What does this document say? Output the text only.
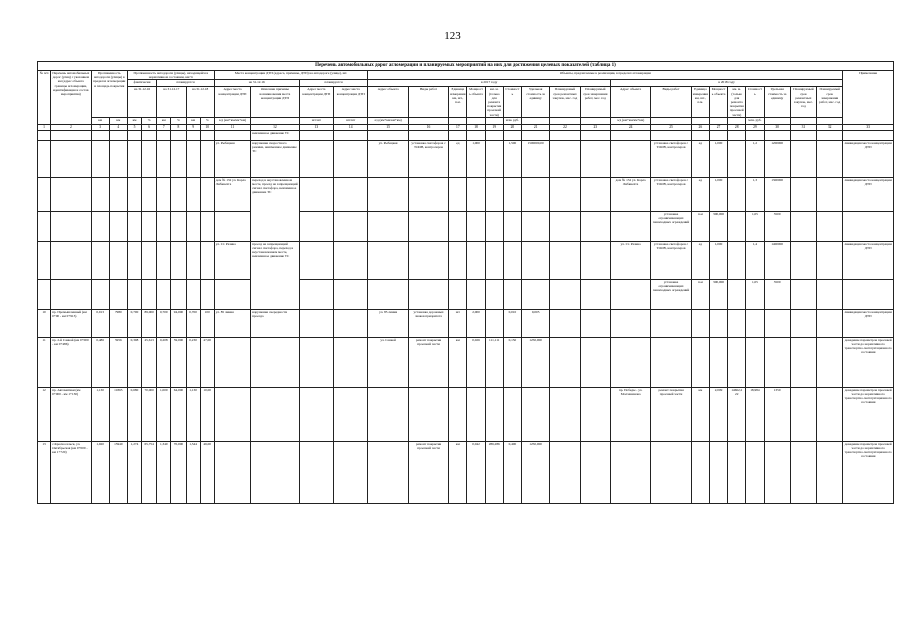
123
Перечень автомобильных дорог агломерации и планируемых мероприятий на них для достижения целевых показателей (таблица 1)																																
№ п/п	Перечень автомобильных дорог (улиц) с указанием км (адрес объекта границы агломерации, идентификация и состав мероприятия)	Протяженность автодороги (улицы) в пределах агломерации и площадь покрытия		Протяженность автодороги (улицы), находящейся в нормативном состоянии, км/%						Места концентрации ДТП (адреса, причины, ДТП) на автодороге (улице), шт.				Объекты, предлагаемые к реализации, в пределах агломерации																		Примечание
				фактически		планируется				на 31.12.16		планируется		в 2017 году									в 2018 году									
				на 31.12.16		на 31.12.17		на 31.12.18		Адрес места концентрации ДТП	Описание причины возникновения места концентрации ДТП	Адрес места концентрации ДТП	Адрес места концентрации ДТП	Адрес объекта	Виды работ	Единица измерения км, шт., п.м.	Мощность объекта	км. м. (только для ремонта покрытия проезжей части)	Стоимость	Удельная стоимость за единицу	Планируемый срок ремонтных закупок, мес. год	Планируемый срок завершения работ, мес. год	Адрес объекта	Виды работ	Единица измерения км, шт., п.м.	Мощность объекта	км. м. (только для ремонта покрытия проезжей части)	Стоимость	Удельная стоимость за единицу	Планируемый срок ремонтных закупок, мес. год	Планируемый срок завершения работ, мес. год	
		км	км	км	%	км	%	км	%	а/д (км+км/км+км)		шт/шт	шт/шт	а/д (км+км/км+км)					млн. руб.				а/д (км+км/км+км)					млн. руб.				
1	2	3	4	5	6	7	8	9	10	11	12	13	14	15	16	17	18	19	20	21	22	23	24	25	26	27	28	29	30	31	32	33
											неизменное движение ТС																					
										ул. Рыбацкая	нарушение скоростного режима, неизменное движение ТС			ул. Рыбацкая	установка светофоров с ТООВ, контролеров	ед	1,000		1,500	1500000,00				установка светофоров с ТООВ, контролеров	ед	1,000		1,2	1200000			ликвидация места концентрации ДТП
										дом № 132 ул. Карла Либкнехта	переход в неустановленном месте, проезд на запрещающий сигнал светофора, неизменное движение ТС												дом № 132 ул. Карла Либкнехта	установка светофоров с ТООВ, контролеров	ед	1,000		1,3	1300000			ликвидация места концентрации ДТП
																								установка ограничивающих пешеходных ограждений	п.м	300,000		1,05	3500			
										ул. Ст. Разина	проезд на запрещающий сигнал светофора, переход в неустановленном месте, неизменное движение ТС												ул. Ст. Разина	установка светофоров с ТООВ, контролеров	ед	1,000		1,4	1400000			ликвидация места концентрации ДТП
																								установка ограничивающих пешеходных ограждений	п.м	300,000		1,05	3500			
10	пр. Промышленный (км 0+00 - км 0+913)	0,913	7980	0,700	89,000	0,700	94,000	0,700	100	ул. 85 линия	нарушение очередности проезда			ул. 85 линия	установка дорожных знаков приоритета	шт	2,000		0,010	0,005												ликвидация места концентрации ДТП
11	пр. 2-й Санкой (км 0+000 - км 0+486)	0,486	5956	0,398	45,613	0,208	59,000	0,230	47,00					ул. Санкой	ремонт покрытия проезжей части	км	0,026	111,111	0,150	1250,000												доведение параметров проезжей части до нормативного транспортно-эксплуатационного состояния
12	пр. Автоматики (км 0+000 - км 1+130)	1,130	11865	0,680	70,000	1,000	64,000	1,130	10,00														пр. Победы - ул. Молчанинова	ремонт покрытия проезжей части	км	2,009	14662,2 22	18,984	1350			доведение параметров проезжей части до нормативного транспортно-эксплуатационного состояния
13	с.Красносельск, ул. Октябрьская (км 0+000 - км 1+720)	1,920	15940	1,274	65,754	1,340	70,000	1,344	46,00						ремонт покрытия проезжей части	км	0,042	286,286	0,400	1250,000												доведение параметров проезжей части до нормативного транспортно-эксплуатационного состояния
